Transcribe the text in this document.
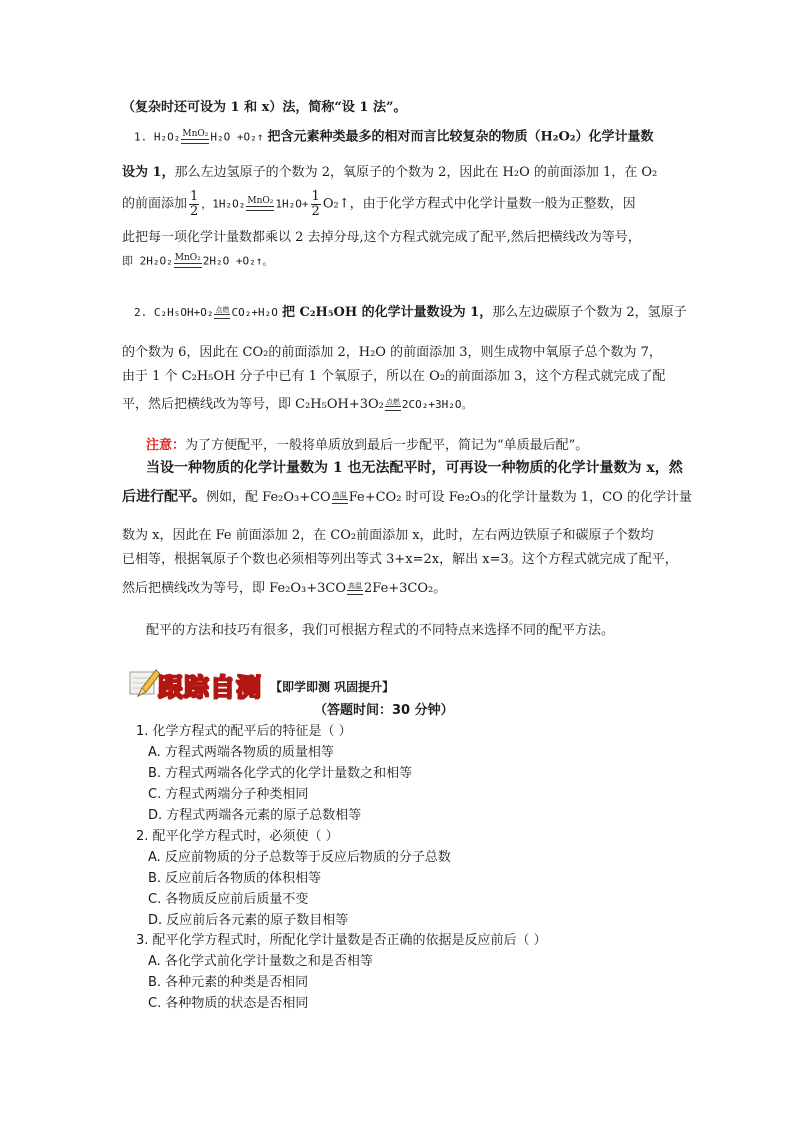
（复杂时还可设为 1 和 x）法，简称“设 1 法”。
1. H₂O₂ MnO₂ H₂O +O₂↑ 把含元素种类最多的相对而言比较复杂的物质（H₂O₂）化学计量数
设为 1，那么左边氢原子的个数为 2，氧原子的个数为 2，因此在 H₂O 的前面添加 1，在 O₂
的前面添加 $\frac{1}{2}$ ，1H₂O₂ MnO₂ $1H_2O+ \frac{1}{2}$ O₂↑，由于化学方程式中化学计量数一般为正整数，因
此把每一项化学计量数都乘以 2 去掉分母,这个方程式就完成了配平,然后把横线改为等号，
即 2H₂O₂ MnO₂ 2H₂O +O₂↑。
2. C₂H₅OH+O₂ 点燃 CO₂+H₂O 把 C₂H₅OH 的化学计量数设为 1，那么左边碳原子个数为 2，氢原子
的个数为 6，因此在 CO₂的前面添加 2，H₂O 的前面添加 3，则生成物中氧原子总个数为 7，
由于 1 个 C₂H₅OH 分子中已有 1 个氧原子，所以在 O₂的前面添加 3，这个方程式就完成了配
平，然后把横线改为等号，即 C₂H₅OH+3O₂ 点燃 2CO₂+3H₂O。
注意：为了方便配平，一般将单质放到最后一步配平，简记为“单质最后配”。
当设一种物质的化学计量数为 1 也无法配平时，可再设一种物质的化学计量数为 x，然
后进行配平。例如，配 Fe₂O₃+CO 高温 Fe+CO₂ 时可设 Fe₂O₃的化学计量数为 1，CO 的化学计量
数为 x，因此在 Fe 前面添加 2，在 CO₂前面添加 x，此时，左右两边铁原子和碳原子个数均
已相等，根据氧原子个数也必须相等列出等式 3+x=2x，解出 x=3。这个方程式就完成了配平，
然后把横线改为等号，即 Fe₂O₃+3CO 高温 2Fe+3CO₂。
配平的方法和技巧有很多，我们可根据方程式的不同特点来选择不同的配平方法。
跟踪自测 【即学即测 巩固提升】
（答题时间：30 分钟）
1. 化学方程式的配平后的特征是（ ）
A. 方程式两端各物质的质量相等
B. 方程式两端各化学式的化学计量数之和相等
C. 方程式两端分子种类相同
D. 方程式两端各元素的原子总数相等
2. 配平化学方程式时，必须使（ ）
A. 反应前物质的分子总数等于反应后物质的分子总数
B. 反应前后各物质的体积相等
C. 各物质反应前后质量不变
D. 反应前后各元素的原子数目相等
3. 配平化学方程式时，所配化学计量数是否正确的依据是反应前后（ ）
A. 各化学式前化学计量数之和是否相等
B. 各种元素的种类是否相同
C. 各种物质的状态是否相同
